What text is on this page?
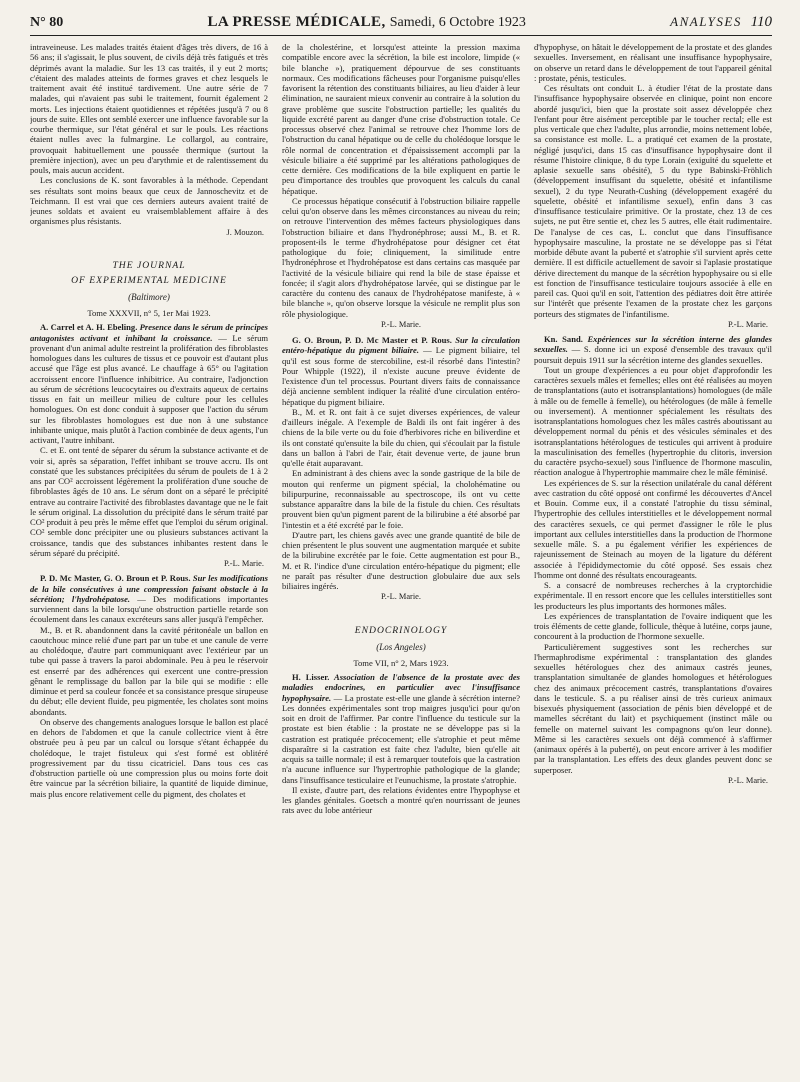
N° 80	LA PRESSE MÉDICALE, Samedi, 6 Octobre 1923	ANALYSES 110

intraveineuse. Les malades traités étaient d'âges très divers, de 16 à 56 ans; il s'agissait, le plus souvent, de civils déjà très fatigués et très déprimés avant la maladie. Sur les 13 cas traités, il y eut 2 morts; c'étaient des malades atteints de formes graves et chez lesquels le traitement avait été institué tardivement. Une autre série de 7 malades, qui n'avaient pas subi le traitement, fournit également 2 morts. Les injections étaient quotidiennes et répétées jusqu'à 7 ou 8 jours de suite. Elles ont semblé exercer une influence favorable sur la courbe thermique, sur l'état général et sur le pouls. Les réactions étaient nulles avec la fulmargine. Le collargol, au contraire, provoquait habituellement une poussée thermique (surtout la première injection), avec un peu d'arythmie et de ralentissement du pouls, mais aucun accident.

Les conclusions de K. sont favorables à la méthode. Cependant ses résultats sont moins beaux que ceux de Jannoschevitz et de Teichmann. Il est vrai que ces derniers auteurs avaient traité de jeunes soldats et avaient eu vraisemblablement affaire à des organismes plus résistants.

J. Mouzon.
THE JOURNAL
OF EXPERIMENTAL MEDICINE
(Baltimore)
Tome XXXVII, n° 5, 1er Mai 1923.

A. Carrel et A. H. Ebeling. Presence dans le sérum de principes antagonistes activant et inhibant la croissance. — Le sérum provenant d'un animal adulte restreint la prolifération des fibroblastes homologues dans les cultures de tissus et ce pouvoir est d'autant plus accusé que l'âge est plus avancé. Le chauffage à 65° ou l'agitation accroissent encore l'influence inhibitrice. Au contraire, l'adjonction au sérum de sécrétions leucocytaires ou d'extraits aqueux de certains tissus en fait un meilleur milieu de culture pour les cellules homologues. On est donc conduit à supposer que l'action du sérum sur les fibroblastes homologues est due non à une substance inhibante unique, mais plutôt à l'action combinée de deux agents, l'un activant, l'autre inhibant.

C. et E. ont tenté de séparer du sérum la substance activante et de voir si, après sa séparation, l'effet inhibant se trouve accru. Ils ont constaté que les substances précipitées du sérum de poulets de 1 à 2 ans par CO² accroissent légèrement la prolifération d'une souche de fibroblastes âgés de 10 ans. Le sérum dont on a séparé le précipité entrave au contraire l'activité des fibroblastes davantage que ne le fait le sérum original. La dissolution du précipité dans le sérum traité par CO² produit à peu près le même effet que l'emploi du sérum original. CO² semble donc précipiter une ou plusieurs substances activant la croissance, tandis que des substances inhibantes restent dans le sérum séparé du précipité.

P.-L. Marie.

P. D. Mc Master, G. O. Broun et P. Rous. Sur les modifications de la bile consécutives à une compression faisant obstacle à la sécrétion; l'hydrohépatose. — Des modifications importantes surviennent dans la bile lorsqu'une obstruction partielle retarde son écoulement dans les canaux excréteurs sans aller jusqu'à l'empêcher.

M., B. et R. abandonnent dans la cavité péritonéale un ballon en caoutchouc mince relié d'une part par un tube et une canule de verre au cholédoque, d'autre part communiquant avec l'extérieur par un tube qui passe à travers la paroi abdominale. Peu à peu le réservoir est enserré par des adhérences qui exercent une contre-pression gênant le remplissage du ballon par la bile qui se modifie : elle diminue et perd sa couleur foncée et sa consistance presque sirupeuse du début; elle devient fluide, peu pigmentée, les cholates sont moins abondants.

On observe des changements analogues lorsque le ballon est placé en dehors de l'abdomen et que la canule collectrice vient à être obstruée peu à peu par un calcul ou lorsque s'étant échappée du cholédoque, le trajet fistuleux qui s'est formé est oblitéré progressivement par du tissu cicatriciel. Dans tous ces cas d'obstruction partielle où une compression plus ou moins forte doit être vaincue par la sécrétion biliaire, la quantité de liquide diminue, mais plus encore relativement celle du pigment, des cholates et

de la cholestérine, et lorsqu'est atteinte la pression maxima compatible encore avec la sécrétion, la bile est incolore, limpide (« bile blanche »), pratiquement dépourvue de ses constituants normaux. Ces modifications fâcheuses pour l'organisme puisqu'elles favorisent la rétention des constituants biliaires, au lieu d'aider à leur élimination, ne sauraient mieux convenir au contraire à la solution du grave problème que suscite l'obstruction partielle; les qualités du liquide excrété parent au danger d'une crise d'obstruction totale. Ce processus observé chez l'animal se retrouve chez l'homme lors de l'obstruction du canal hépatique ou de celle du cholédoque lorsque le rôle normal de concentration et d'épaississement accompli par la vésicule biliaire a été supprimé par les altérations pathologiques de cette dernière. Ces modifications de la bile expliquent en partie le peu d'importance des troubles que provoquent les calculs du canal hépatique.

Ce processus hépatique consécutif à l'obstruction biliaire rappelle celui qu'on observe dans les mêmes circonstances au niveau du rein; on retrouve l'intervention des mêmes facteurs physiologiques dans l'obstruction biliaire et dans l'hydronéphrose; aussi M., B. et R. proposent-ils le terme d'hydrohépatose pour désigner cet état pathologique du foie; cliniquement, la similitude entre l'hydronéphrose et l'hydrohépatose est dans certains cas masquée par l'activité de la vésicule biliaire qui rend la bile de stase épaisse et foncée; il s'agit alors d'hydrohépatose larvée, qui se distingue par le caractère du contenu des canaux de l'hydrohépatose manifeste, à « bile blanche », qu'on observe lorsque la vésicule ne remplit plus son rôle physiologique.

P.-L. Marie.

G. O. Broun, P. D. Mc Master et P. Rous. Sur la circulation entéro-hépatique du pigment biliaire. — Le pigment biliaire, tel qu'il est sous forme de stercobiline, est-il résorbé dans l'intestin? Pour Whipple (1922), il n'existe aucune preuve évidente de l'existence d'un tel processus. Pourtant divers faits de connaissance déjà ancienne semblent indiquer la réalité d'une circulation entéro-hépatique du pigment biliaire.

B., M. et R. ont fait à ce sujet diverses expériences, de valeur d'ailleurs inégale. A l'exemple de Baldi ils ont fait ingérer à des chiens de la bile verte ou du foie d'herbivores riche en biliverdine et ils ont constaté qu'ensuite la bile du chien, qui s'écoulait par la fistule dans un ballon à l'abri de l'air, était devenue verte, de jaune brun qu'elle était auparavant.

En administrant à des chiens avec la sonde gastrique de la bile de mouton qui renferme un pigment spécial, la cholohématine ou bilipurpurine, reconnaissable au spectroscope, ils ont vu cette substance apparaître dans la bile de la fistule du chien. Ces résultats prouvent bien qu'un pigment parent de la bilirubine a été absorbé par l'intestin et a été excrété par le foie.

D'autre part, les chiens gavés avec une grande quantité de bile de chien présentent le plus souvent une augmentation marquée et subite de la bilirubine excrétée par le foie. Cette augmentation est pour B., M. et R. l'indice d'une circulation entéro-hépatique du pigment; elle ne paraît pas résulter d'une destruction globulaire due aux sels biliaires ingérés.

P.-L. Marie.
ENDOCRINOLOGY
(Los Angeles)
Tome VII, n° 2, Mars 1923.

H. Lisser. Association de l'absence de la prostate avec des maladies endocrines, en particulier avec l'insuffisance hypophysaire. — La prostate est-elle une glande à sécrétion interne? Les données expérimentales sont trop maigres jusqu'ici pour qu'on soit en droit de l'affirmer. Par contre l'influence du testicule sur la prostate est bien établie : la prostate ne se développe pas si la castration est pratiquée précocement; elle s'atrophie et peut même disparaître si la castration est faite chez l'adulte, bien qu'elle ait acquis sa taille normale; il est à remarquer toutefois que la castration n'a aucune influence sur l'hypertrophie pathologique de la glande; dans l'insuffisance testiculaire et l'eunuchisme, la prostate s'atrophie.

Il existe, d'autre part, des relations évidentes entre l'hypophyse et les glandes génitales. Goetsch a montré qu'en nourrissant de jeunes rats avec du lobe antérieur

d'hypophyse, on hâtait le développement de la prostate et des glandes sexuelles. Inversement, en réalisant une insuffisance hypophysaire, on observe un retard dans le développement de tout l'appareil génital : prostate, pénis, testicules.

Ces résultats ont conduit L. à étudier l'état de la prostate dans l'insuffisance hypophysaire observée en clinique, point non encore abordé jusqu'ici, bien que la prostate soit assez développée chez l'enfant pour être aisément perceptible par le toucher rectal; elle est plus verticale que chez l'adulte, plus arrondie, moins nettement lobée, sa consistance est molle. L. a pratiqué cet examen de la prostate, négligé jusqu'ici, dans 15 cas d'insuffisance hypophysaire dont il résume l'histoire clinique, 8 du type Lorain (exiguïté du squelette et aplasie sexuelle sans obésité), 5 du type Babinski-Fröhlich (développement insuffisant du squelette, obésité et infantilisme sexuel), 2 du type Neurath-Cushing (développement exagéré du squelette, obésité et infantilisme sexuel), enfin dans 3 cas d'insuffisance testiculaire primitive. Or la prostate, chez 13 de ces sujets, ne put être sentie et, chez les 5 autres, elle était rudimentaire. De l'analyse de ces cas, L. conclut que dans l'insuffisance hypophysaire masculine, la prostate ne se développe pas si l'état morbide débute avant la puberté et s'atrophie s'il survient après cette dernière. Il est difficile actuellement de savoir si l'aplasie prostatique dérive directement du manque de la sécrétion hypophysaire ou si elle est fonction de l'insuffisance testiculaire toujours associée à elle en pareil cas. Quoi qu'il en soit, l'attention des pédiatres doit être attirée sur l'intérêt que présente l'examen de la prostate chez les garçons porteurs des stigmates de l'infantilisme.

P.-L. Marie.

Kn. Sand. Expériences sur la sécrétion interne des glandes sexuelles. — S. donne ici un exposé d'ensemble des travaux qu'il poursuit depuis 1911 sur la sécrétion interne des glandes sexuelles.

Tout un groupe d'expériences a eu pour objet d'approfondir les caractères sexuels mâles et femelles; elles ont été réalisées au moyen de transplantations (auto et isotransplantations) homologues (de mâle à mâle ou de femelle à femelle), ou hétérologues (de mâle à femelle ou inversement). A mentionner spécialement les résultats des isotransplantations homologues chez les mâles castrés aboutissant au développement normal du pénis et des vésicules séminales et des isotransplantations hétérologues de testicules qui arrivent à produire la masculinisation des femelles (hypertrophie du clitoris, inversion du caractère psycho-sexuel) sous l'influence de l'hormone masculin, réaction analogue à l'hypertrophie mammaire chez le mâle féminisé.

Les expériences de S. sur la résection unilatérale du canal déférent avec castration du côté opposé ont confirmé les découvertes d'Ancel et Bouin. Comme eux, il a constaté l'atrophie du tissu séminal, l'hypertrophie des cellules interstitielles et le développement normal des caractères sexuels, ce qui permet d'assigner le rôle le plus important aux cellules interstitielles dans la production de l'hormone sexuelle mâle. S. a pu également vérifier les expériences de rajeunissement de Steinach au moyen de la ligature du déférent associée à l'épididymectomie du côté opposé. Ses essais chez l'homme ont donné des résultats encourageants.

S. a consacré de nombreuses recherches à la cryptorchidie expérimentale. Il en ressort encore que les cellules interstitielles sont les producteurs les plus importants des hormones mâles.

Les expériences de transplantation de l'ovaire indiquent que les trois éléments de cette glande, follicule, thèque à lutéine, corps jaune, concourent à la production de l'hormone sexuelle.

Particulièrement suggestives sont les recherches sur l'hermaphrodisme expérimental : transplantation des glandes sexuelles hétérologues chez des animaux castrés jeunes, transplantation simultanée de glandes homologues et hétérologues chez des animaux précocement castrés, transplantations d'ovaires dans le testicule. S. a pu réaliser ainsi de très curieux animaux bisexués physiquement (association de pénis bien développé et de mamelles sécrétant du lait) et psychiquement (instinct mâle ou femelle on maternel suivant les compagnons qu'on leur donne). Même si les caractères sexuels ont déjà commencé à s'affirmer (animaux opérés à la puberté), on peut encore arriver à les modifier par la transplantation. Les effets des deux glandes peuvent donc se superposer.

P.-L. Marie.
